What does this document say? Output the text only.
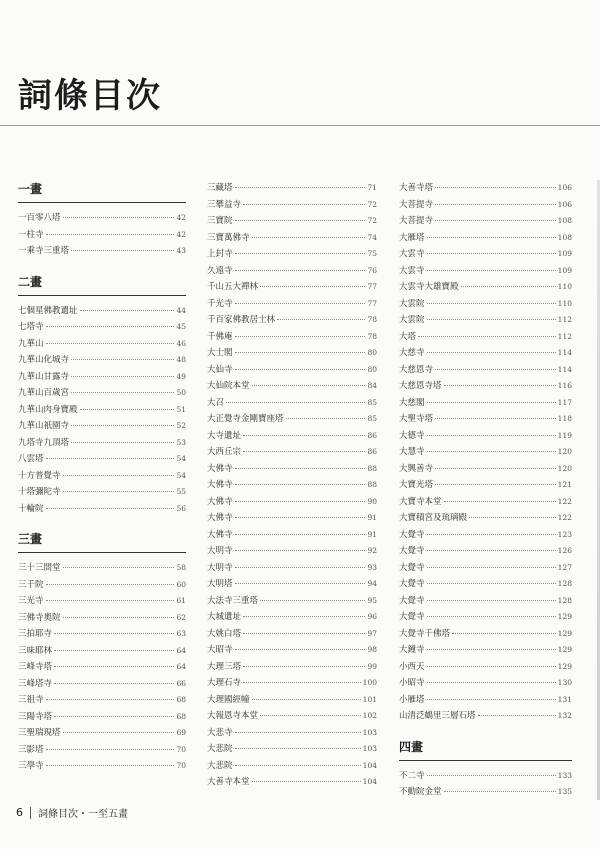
詞條目次
一畫
一百零八塔	42
一柱寺	42
一乘寺三重塔	43
二畫
七個星佛教遺址	44
七塔寺	45
九華山	46
九華山化城寺	48
九華山甘露寺	49
九華山百歲宮	50
九華山肉身寶殿	51
九華山祇園寺	52
九塔寺九頂塔	53
八雲塔	54
十方普覺寺	54
十塔彌陀寺	55
十輪院	56
三畫
三十三間堂	58
三千院	60
三光寺	61
三佛寺奧院	62
三拍耶寺	63
三味耶林	64
三峰寺塔	64
三峰塔寺	66
三祖寺	68
三陽寺塔	68
三聖瑞現塔	69
三影塔	70
三學寺	70
三藏塔	71
三攀益寺	72
三寶院	72
三寶萬佛寺	74
上封寺	75
久遠寺	76
千山五大禪林	77
千光寺	77
千百家佛教居士林	78
千佛庵	78
大士閣	80
大仙寺	80
大仙院本堂	84
大召	85
大正覺寺金剛寶座塔	85
大寺遺址	86
大西丘宗	86
大佛寺	88
大佛寺	88
大佛寺	90
大佛寺	91
大佛寺	91
大明寺	92
大明寺	93
大明塔	94
大法寺三重塔	95
大城遺址	96
大姚白塔	97
大昭寺	98
大理三塔	99
大理石寺	100
大理國經幢	101
大報恩寺本堂	102
大悲寺	103
大悲院	103
大悲院	104
大善寺本堂	104
大善寺塔	106
大菩提寺	106
大菩提寺	108
大雁塔	108
大雲寺	109
大雲寺	109
大雲寺大雄寶殿	110
大雲院	110
大雲院	112
大塔	112
大慈寺	114
大慈恩寺	114
大慈恩寺塔	116
大慈閣	117
大聖寺塔	118
大德寺	119
大慧寺	120
大興善寺	120
大寶光塔	121
大寶寺本堂	122
大寶積宮及琉璃殿	122
大覺寺	123
大覺寺	126
大覺寺	127
大覺寺	128
大覺寺	128
大覺寺	129
大覺寺千佛塔	129
大鐘寺	129
小西天	129
小昭寺	130
小雁塔	131
山清泛鶴里三層石塔	132
四畫
不二寺	133
不動院金堂	135
6 詞條目次・一至五畫
